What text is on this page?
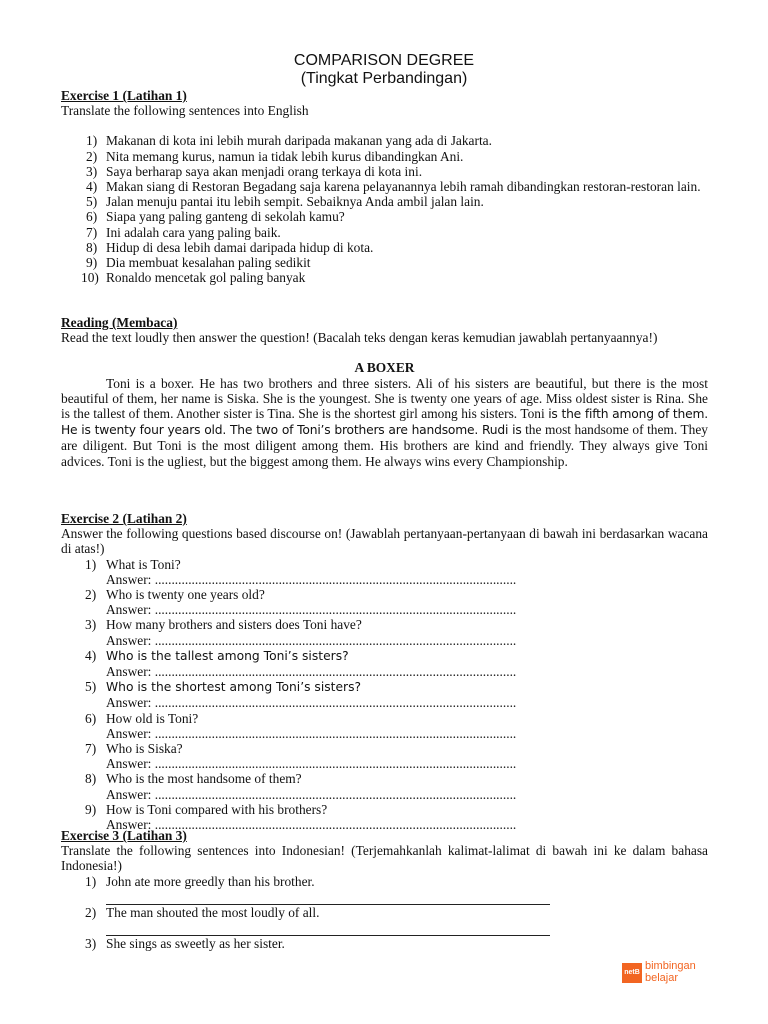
COMPARISON DEGREE
(Tingkat Perbandingan)
Exercise 1 (Latihan 1)
Translate the following sentences into English
1) Makanan di kota ini lebih murah daripada makanan yang ada di Jakarta.
2) Nita memang kurus, namun ia tidak lebih kurus dibandingkan Ani.
3) Saya berharap saya akan menjadi orang terkaya di kota ini.
4) Makan siang di Restoran Begadang saja karena pelayanannya lebih ramah dibandingkan restoran-restoran lain.
5) Jalan menuju pantai itu lebih sempit. Sebaiknya Anda ambil jalan lain.
6) Siapa yang paling ganteng di sekolah kamu?
7) Ini adalah cara yang paling baik.
8) Hidup di desa lebih damai daripada hidup di kota.
9) Dia membuat kesalahan paling sedikit
10) Ronaldo mencetak gol paling banyak
Reading (Membaca)
Read the text loudly then answer the question! (Bacalah teks dengan keras kemudian jawablah pertanyaannya!)
A BOXER
Toni is a boxer. He has two brothers and three sisters. Ali of his sisters are beautiful, but there is the most beautiful of them, her name is Siska. She is the youngest. She is twenty one years of age. Miss oldest sister is Rina. She is the tallest of them. Another sister is Tina. She is the shortest girl among his sisters. Toni is the fifth among of them. He is twenty four years old. The two of Toni’s brothers are handsome. Rudi is the most handsome of them. They are diligent. But Toni is the most diligent among them. His brothers are kind and friendly. They always give Toni advices. Toni is the ugliest, but the biggest among them. He always wins every Championship.
Exercise 2 (Latihan 2)
Answer the following questions based discourse on! (Jawablah pertanyaan-pertanyaan di bawah ini berdasarkan wacana di atas!)
1) What is Toni?
Answer: ............................................................................................................
2) Who is twenty one years old?
Answer: ............................................................................................................
3) How many brothers and sisters does Toni have?
Answer: ............................................................................................................
4) Who is the tallest among Toni’s sisters?
Answer: ............................................................................................................
5) Who is the shortest among Toni’s sisters?
Answer: ............................................................................................................
6) How old is Toni?
Answer: ............................................................................................................
7) Who is Siska?
Answer: ............................................................................................................
8) Who is the most handsome of them?
Answer: ............................................................................................................
9) How is Toni compared with his brothers?
Answer: ............................................................................................................
Exercise 3 (Latihan 3)
Translate the following sentences into Indonesian! (Terjemahkanlah kalimat-lalimat di bawah ini ke dalam bahasa Indonesia!)
1) John ate more greedly than his brother.
2) The man shouted the most loudly of all.
3) She sings as sweetly as her sister.
netB
bimbingan
belajar
